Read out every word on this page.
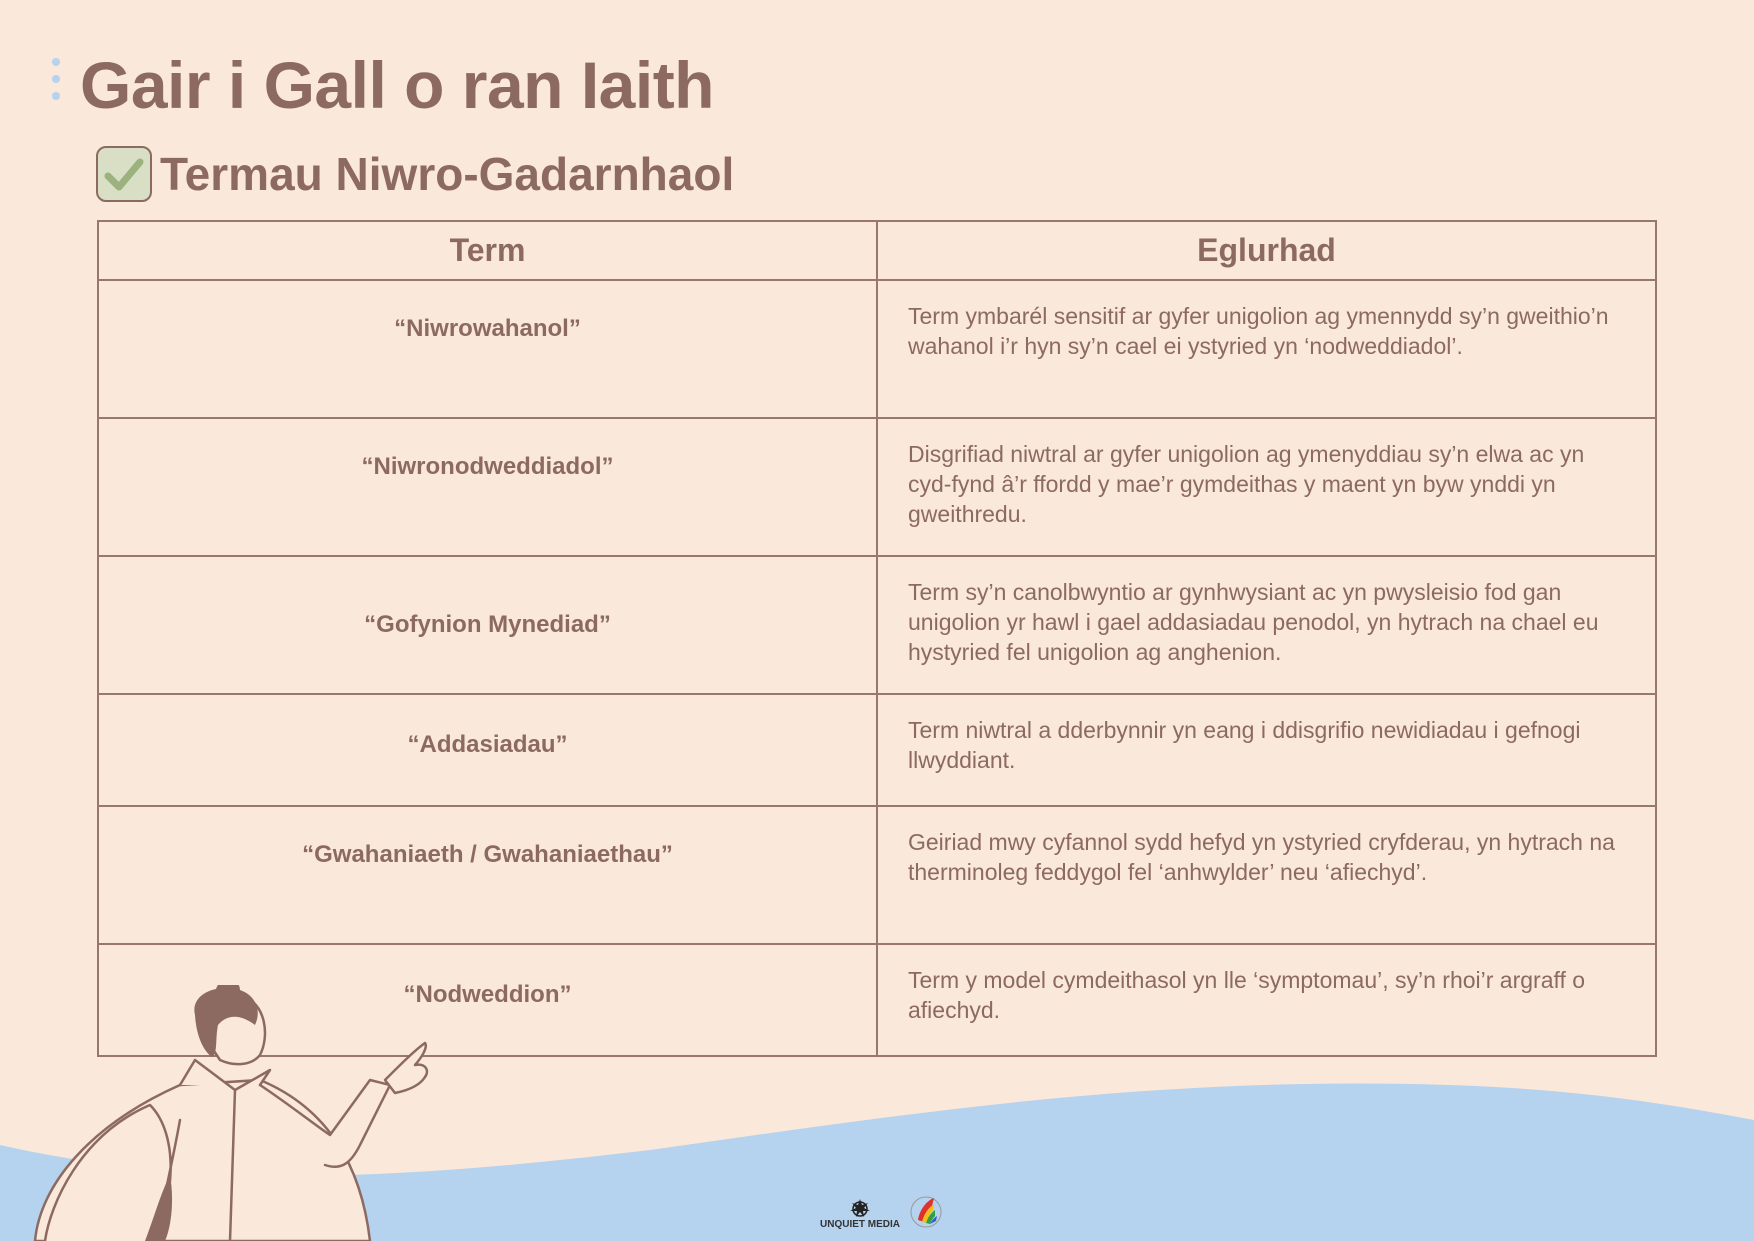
Gair i Gall o ran Iaith
Termau Niwro-Gadarnhaol
Term	Eglurhad
“Niwrowahanol”	Term ymbarél sensitif ar gyfer unigolion ag ymennydd sy’n gweithio’n wahanol i’r hyn sy’n cael ei ystyried yn ‘nodweddiadol’.
“Niwronodweddiadol”	Disgrifiad niwtral ar gyfer unigolion ag ymenyddiau sy’n elwa ac yn cyd-fynd â’r ffordd y mae’r gymdeithas y maent yn byw ynddi yn gweithredu.
“Gofynion Mynediad”	Term sy’n canolbwyntio ar gynhwysiant ac yn pwysleisio fod gan unigolion yr hawl i gael addasiadau penodol, yn hytrach na chael eu hystyried fel unigolion ag anghenion.
“Addasiadau”	Term niwtral a dderbynnir yn eang i ddisgrifio newidiadau i gefnogi llwyddiant.
“Gwahaniaeth / Gwahaniaethau”	Geiriad mwy cyfannol sydd hefyd yn ystyried cryfderau, yn hytrach na therminoleg feddygol fel ‘anhwylder’ neu ‘afiechyd’.
“Nodweddion”	Term y model cymdeithasol yn lle ‘symptomau’, sy’n rhoi’r argraff o afiechyd.
UNQUIET MEDIA
